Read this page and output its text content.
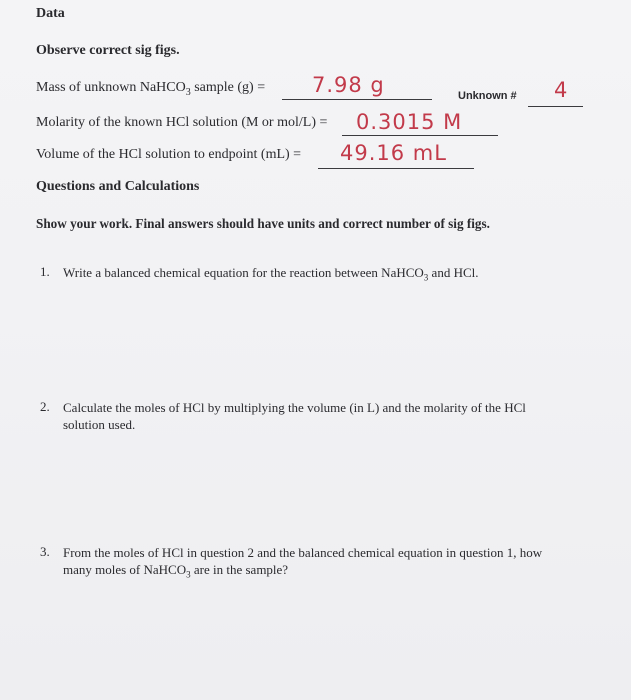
Data
Observe correct sig figs.
Mass of unknown NaHCO$_3$ sample (g) = 7.98 g	Unknown # 4
Molarity of the known HCl solution (M or mol/L) = 0.3015 M
Volume of the HCl solution to endpoint (mL) = 49.16 mL
Questions and Calculations
Show your work. Final answers should have units and correct number of sig figs.
1. Write a balanced chemical equation for the reaction between NaHCO$_3$ and HCl.
2. Calculate the moles of HCl by multiplying the volume (in L) and the molarity of the HCl
solution used.
3. From the moles of HCl in question 2 and the balanced chemical equation in question 1, how
many moles of NaHCO$_3$ are in the sample?
